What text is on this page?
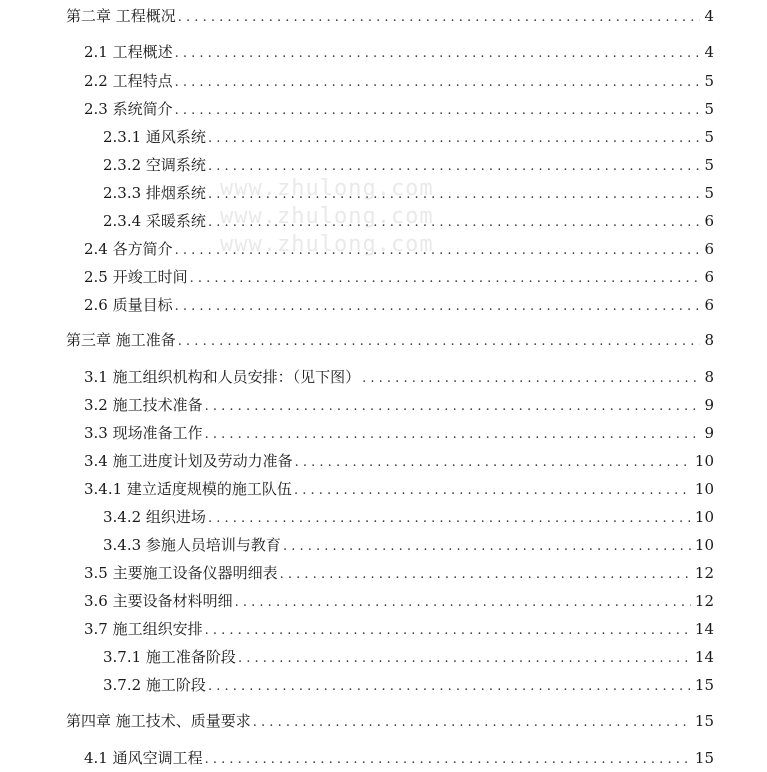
第二章 工程概况 . . .	4
2.1 工程概述 . . .	4
2.2 工程特点 . . .	5
2.3 系统简介 . . .	5
2.3.1 通风系统 . . .	5
2.3.2 空调系统 . . .	5
2.3.3 排烟系统 . . .	5
2.3.4 采暖系统 . . .	6
2.4 各方简介 . . .	6
2.5 开竣工时间 . . .	6
2.6 质量目标 . . .	6
第三章 施工准备 . . .	8
3.1 施工组织机构和人员安排：（见下图） . . .	8
3.2 施工技术准备 . . .	9
3.3 现场准备工作 . . .	9
3.4 施工进度计划及劳动力准备 . . .	10
3.4.1 建立适度规模的施工队伍 . . .	10
3.4.2 组织进场 . . .	10
3.4.3 参施人员培训与教育 . . .	10
3.5 主要施工设备仪器明细表 . . .	12
3.6 主要设备材料明细 . . .	12
3.7 施工组织安排 . . .	14
3.7.1 施工准备阶段 . . .	14
3.7.2 施工阶段 . . .	15
第四章 施工技术、质量要求 . . .	15
4.1 通风空调工程 . . .	15
www.zhulong.com
www.zhulong.com
www.zhulong.com
